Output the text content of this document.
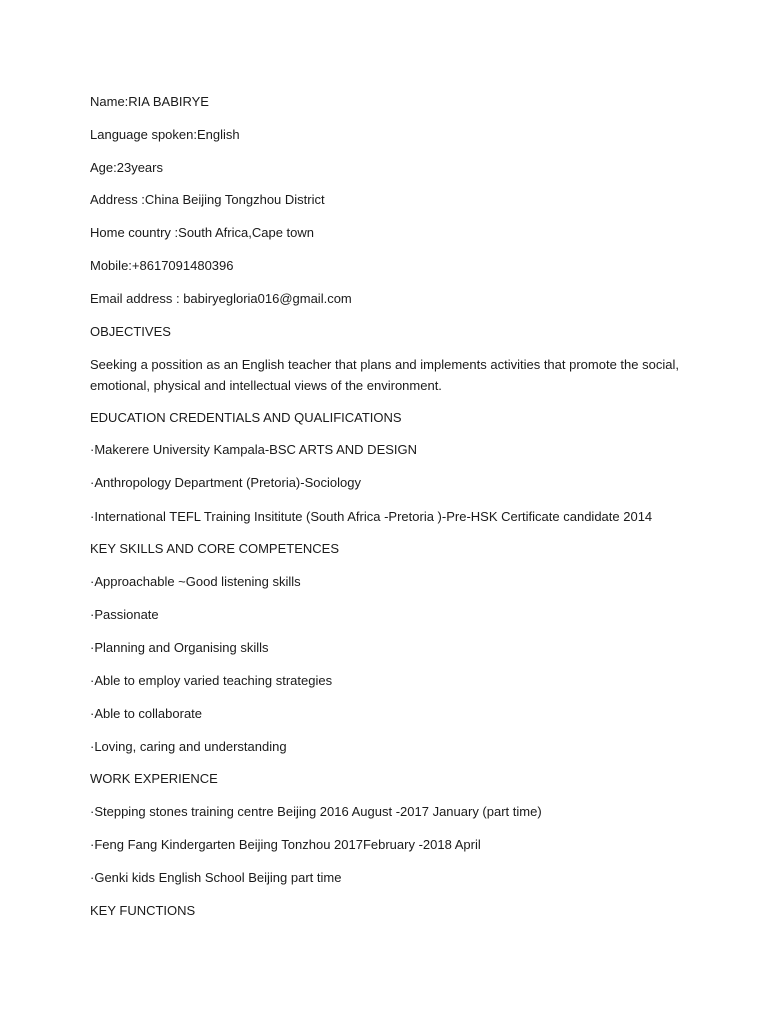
Name:RIA BABIRYE
Language spoken:English
Age:23years
Address :China Beijing Tongzhou District
Home country :South Africa,Cape town
Mobile:+8617091480396
Email address : babiryegloria016@gmail.com
OBJECTIVES
Seeking a possition as an English teacher that plans and implements activities that promote the social, emotional, physical and intellectual views of the environment.
EDUCATION CREDENTIALS AND QUALIFICATIONS
·Makerere University Kampala-BSC ARTS AND DESIGN
·Anthropology Department (Pretoria)-Sociology
·International TEFL Training Insititute (South Africa -Pretoria )-Pre-HSK Certificate candidate 2014
KEY SKILLS AND CORE COMPETENCES
·Approachable ~Good listening skills
·Passionate
·Planning and Organising skills
·Able to employ varied teaching strategies
·Able to collaborate
·Loving, caring and understanding
WORK EXPERIENCE
·Stepping stones training centre Beijing 2016 August -2017 January (part time)
·Feng Fang Kindergarten Beijing Tonzhou 2017February -2018 April
·Genki kids English School Beijing part time
KEY FUNCTIONS
